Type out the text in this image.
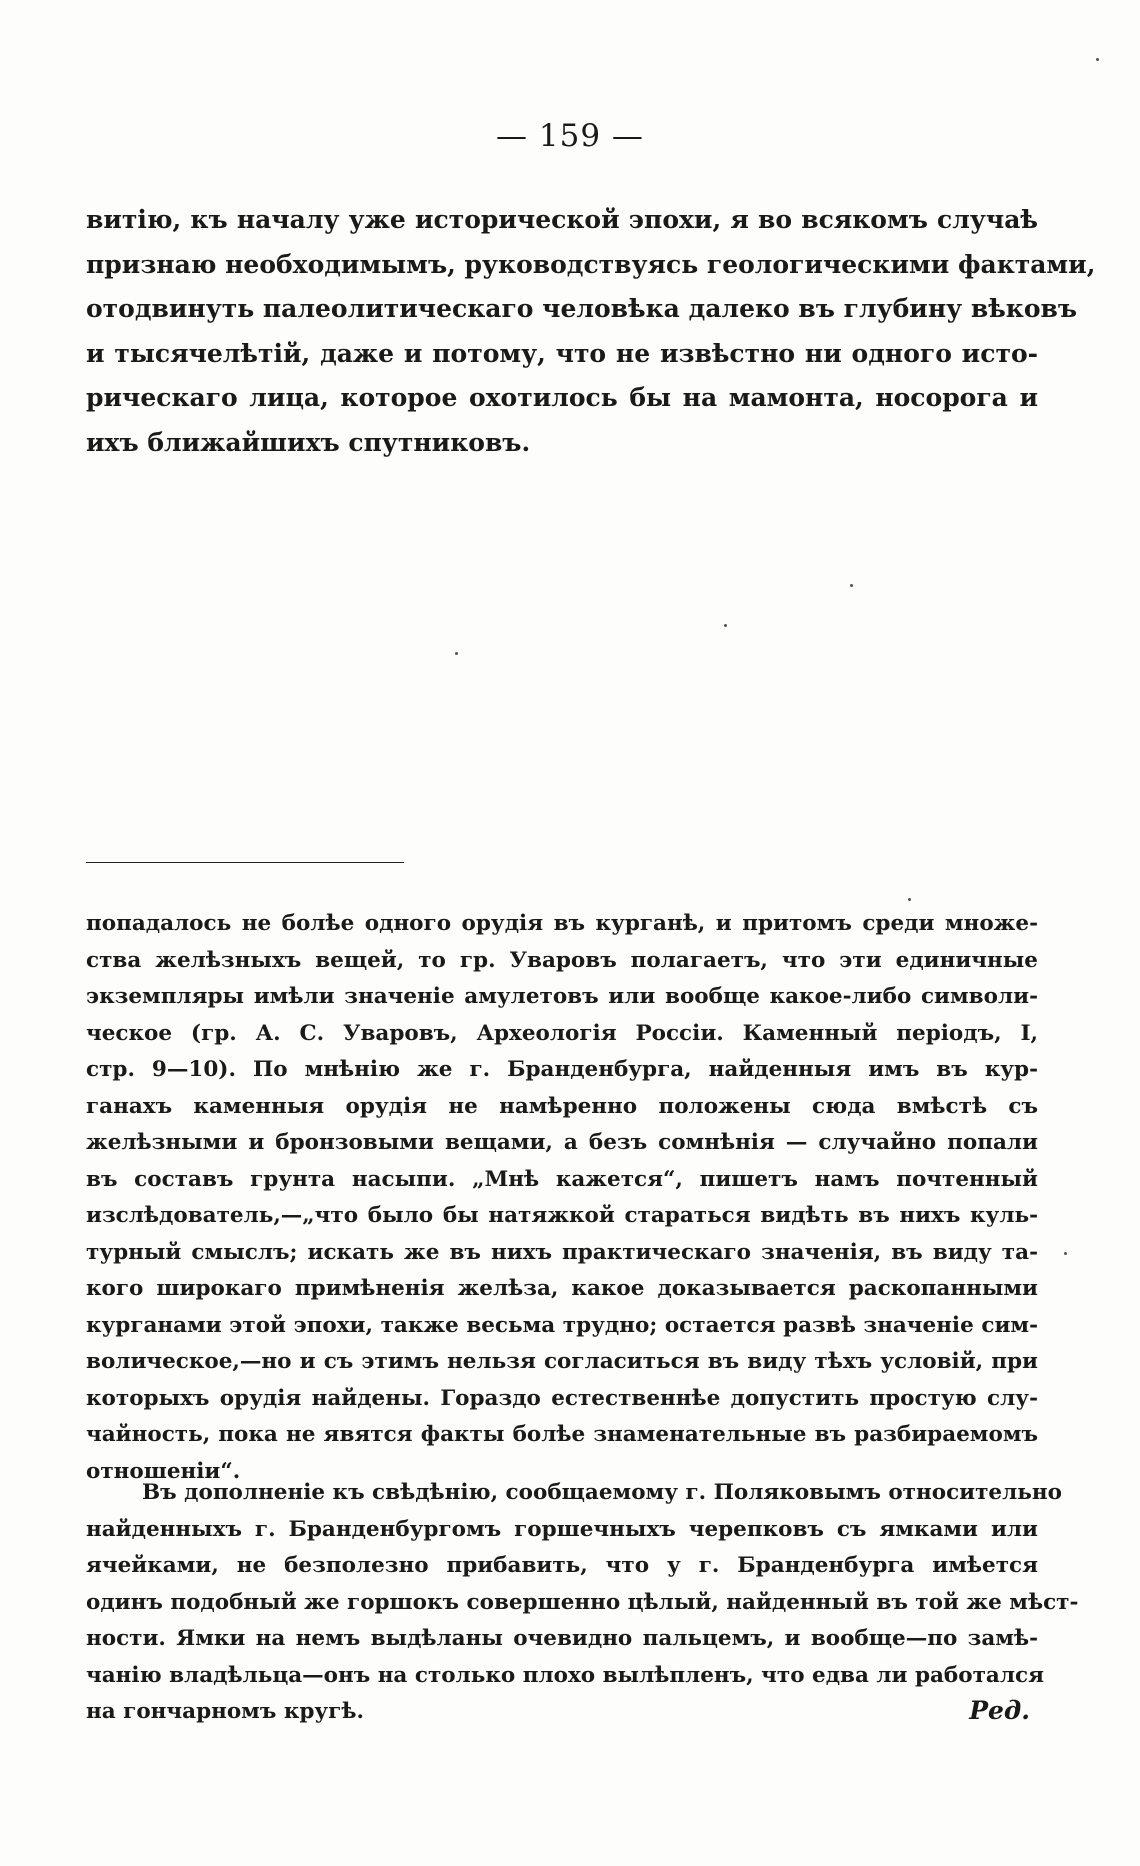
— 159 —
витію, къ началу уже исторической эпохи, я во всякомъ случаѣ
признаю необходимымъ, руководствуясь геологическими фактами,
отодвинуть палеолитическаго человѣка далеко въ глубину вѣковъ
и тысячелѣтій, даже и потому, что не извѣстно ни одного исто-
рическаго лица, которое охотилось бы на мамонта, носорога и
ихъ ближайшихъ спутниковъ.
попадалось не болѣе одного орудія въ курганѣ, и притомъ среди множе-
ства желѣзныхъ вещей, то гр. Уваровъ полагаетъ, что эти единичные
экземпляры имѣли значеніе амулетовъ или вообще какое-либо символи-
ческое (гр. А. С. Уваровъ, Археологія Россіи. Каменный періодъ, I,
стр. 9—10). По мнѣнію же г. Бранденбурга, найденныя имъ въ кур-
ганахъ каменныя орудія не намѣренно положены сюда вмѣстѣ съ
желѣзными и бронзовыми вещами, а безъ сомнѣнія — случайно попали
въ составъ грунта насыпи. „Мнѣ кажется“, пишетъ намъ почтенный
изслѣдователь,—„что было бы натяжкой стараться видѣть въ нихъ куль-
турный смыслъ; искать же въ нихъ практическаго значенія, въ виду та-
кого широкаго примѣненія желѣза, какое доказывается раскопанными
курганами этой эпохи, также весьма трудно; остается развѣ значеніе сим-
волическое,—но и съ этимъ нельзя согласиться въ виду тѣхъ условій, при
которыхъ орудія найдены. Гораздо естественнѣе допустить простую слу-
чайность, пока не явятся факты болѣе знаменательные въ разбираемомъ
отношеніи“.
Въ дополненіе къ свѣдѣнію, сообщаемому г. Поляковымъ относительно
найденныхъ г. Бранденбургомъ горшечныхъ черепковъ съ ямками или
ячейками, не безполезно прибавить, что у г. Бранденбурга имѣется
одинъ подобный же горшокъ совершенно цѣлый, найденный въ той же мѣст-
ности. Ямки на немъ выдѣланы очевидно пальцемъ, и вообще—по замѣ-
чанію владѣльца—онъ на столько плохо вылѣпленъ, что едва ли работался
на гончарномъ кругѣ.	Ред.
